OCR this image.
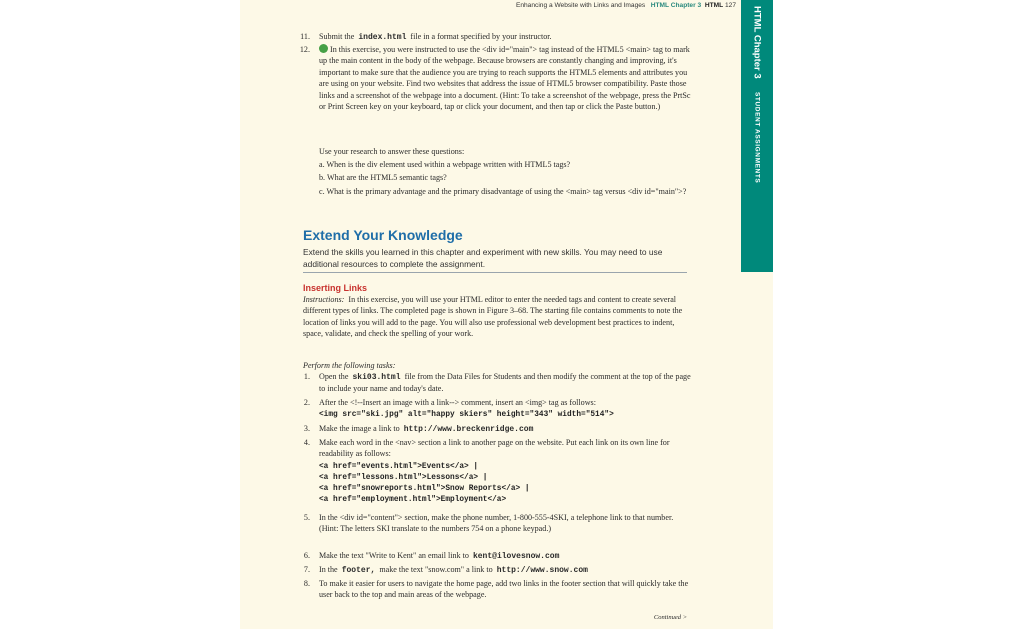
Enhancing a Website with Links and Images HTML Chapter 3 HTML 127
HTML Chapter 3
STUDENT ASSIGNMENTS
11.	Submit the index.html file in a format specified by your instructor.
12.	In this exercise, you were instructed to use the <div id="main"> tag instead of the HTML5 <main> tag to mark up the main content in the body of the webpage. Because browsers are constantly changing and improving, it's important to make sure that the audience you are trying to reach supports the HTML5 elements and attributes you are using on your website. Find two websites that address the issue of HTML5 browser compatibility. Paste those links and a screenshot of the webpage into a document. (Hint: To take a screenshot of the webpage, press the PrtSc or Print Screen key on your keyboard, tap or click your document, and then tap or click the Paste button.)
Use your research to answer these questions:
a. When is the div element used within a webpage written with HTML5 tags?
b. What are the HTML5 semantic tags?
c. What is the primary advantage and the primary disadvantage of using the <main> tag versus <div id="main">?
Extend Your Knowledge
Extend the skills you learned in this chapter and experiment with new skills. You may need to use additional resources to complete the assignment.
Inserting Links
Instructions: In this exercise, you will use your HTML editor to enter the needed tags and content to create several different types of links. The completed page is shown in Figure 3–68. The starting file contains comments to note the location of links you will add to the page. You will also use professional web development best practices to indent, space, validate, and check the spelling of your work.
Perform the following tasks:
1.	Open the ski03.html file from the Data Files for Students and then modify the comment at the top of the page to include your name and today's date.
2.	After the <!--Insert an image with a link--> comment, insert an <img> tag as follows:
<img src="ski.jpg" alt="happy skiers" height="343" width="514">
3.	Make the image a link to http://www.breckenridge.com
4.	Make each word in the <nav> section a link to another page on the website. Put each link on its own line for readability as follows:
<a href="events.html">Events</a> |
<a href="lessons.html">Lessons</a> |
<a href="snowreports.html">Snow Reports</a> |
<a href="employment.html">Employment</a>
5.	In the <div id="content"> section, make the phone number, 1-800-555-4SKI, a telephone link to that number. (Hint: The letters SKI translate to the numbers 754 on a phone keypad.)
6.	Make the text "Write to Kent" an email link to kent@ilovesnow.com
7.	In the footer, make the text "snow.com" a link to http://www.snow.com
8.	To make it easier for users to navigate the home page, add two links in the footer section that will quickly take the user back to the top and main areas of the webpage.
Continued >
